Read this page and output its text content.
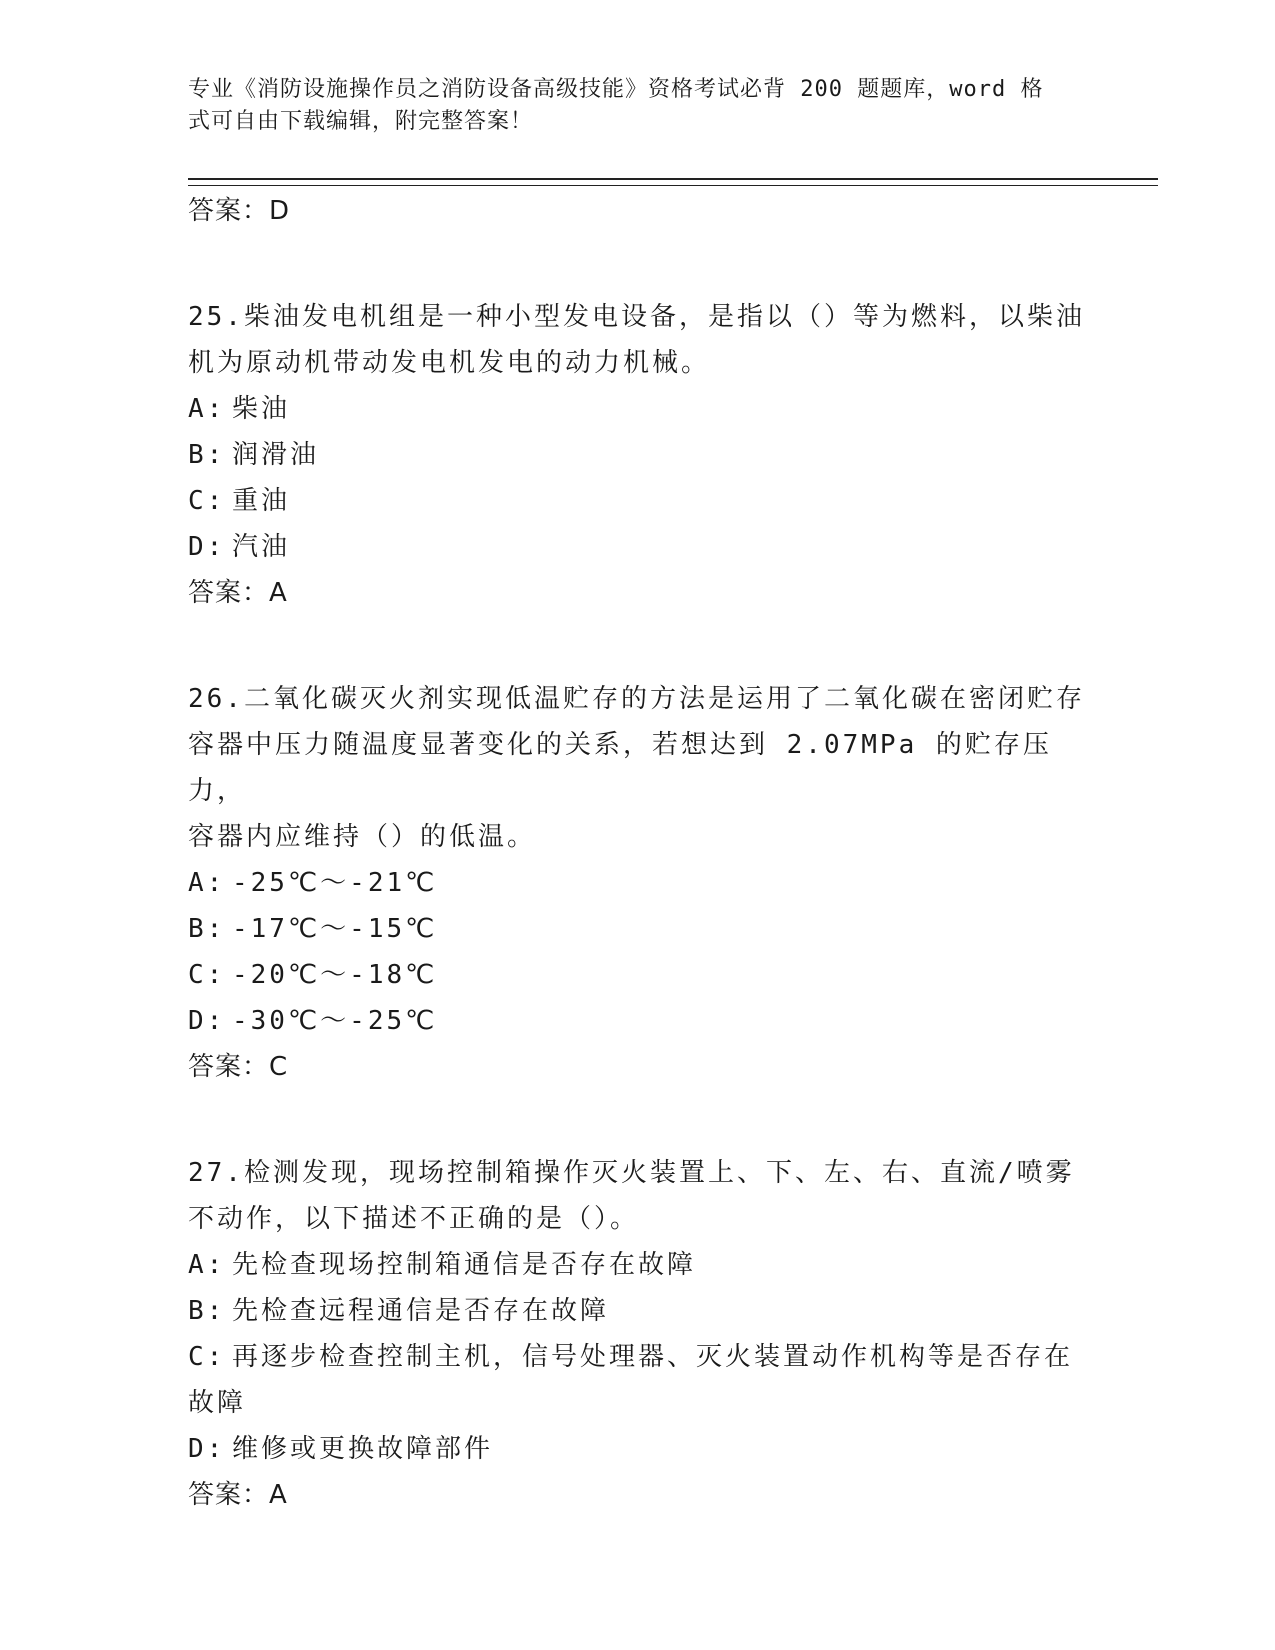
专业《消防设施操作员之消防设备高级技能》资格考试必背 200 题题库，word 格
式可自由下载编辑，附完整答案！
答案：D
25.柴油发电机组是一种小型发电设备，是指以（）等为燃料，以柴油
机为原动机带动发电机发电的动力机械。
A: 柴油
B: 润滑油
C: 重油
D: 汽油
答案：A
26.二氧化碳灭火剂实现低温贮存的方法是运用了二氧化碳在密闭贮存
容器中压力随温度显著变化的关系，若想达到 2.07MPa 的贮存压力，
容器内应维持（）的低温。
A: -25℃～-21℃
B: -17℃～-15℃
C: -20℃～-18℃
D: -30℃～-25℃
答案：C
27.检测发现，现场控制箱操作灭火装置上、下、左、右、直流/喷雾
不动作，以下描述不正确的是（）。
A: 先检查现场控制箱通信是否存在故障
B: 先检查远程通信是否存在故障
C: 再逐步检查控制主机，信号处理器、灭火装置动作机构等是否存在
故障
D: 维修或更换故障部件
答案：A
